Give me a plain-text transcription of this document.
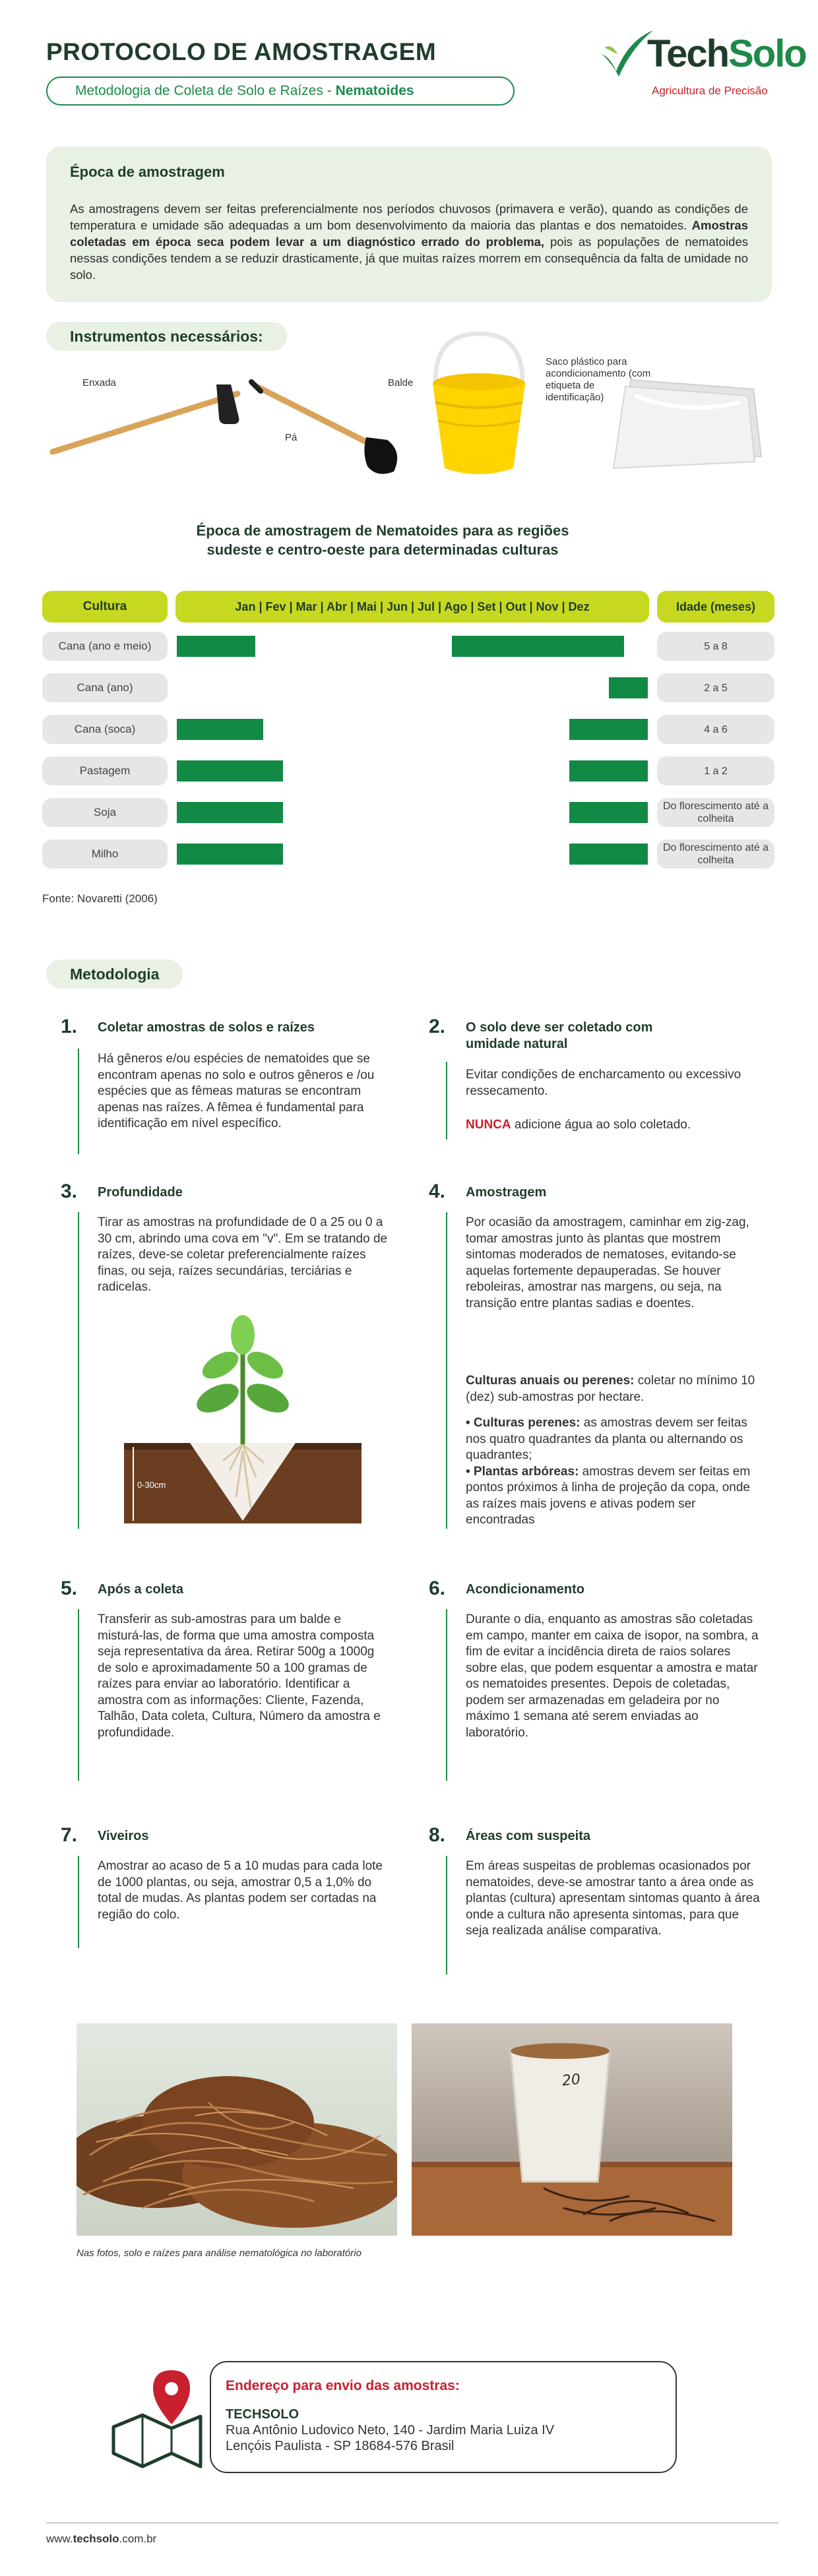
PROTOCOLO DE AMOSTRAGEM
Metodologia de Coleta de Solo e Raízes - Nematoides
TechSolo
Agricultura de Precisão
Época de amostragem

As amostragens devem ser feitas preferencialmente nos períodos chuvosos (primavera e verão), quando as condições de temperatura e umidade são adequadas a um bom desenvolvimento da maioria das plantas e dos nematoides. Amostras coletadas em época seca podem levar a um diagnóstico errado do problema, pois as populações de nematoides nessas condições tendem a se reduzir drasticamente, já que muitas raízes morrem em consequência da falta de umidade no solo.

Instrumentos necessários:
Enxada
Pá
Balde
Saco plástico para acondicionamento (com etiqueta de identificação)
Época de amostragem de Nematoides para as regiões
sudeste e centro-oeste para determinadas culturas
Cultura	Jan | Fev | Mar | Abr | Mai | Jun | Jul | Ago | Set | Out | Nov | Dez	Idade (meses)
Cana (ano e meio)	5 a 8
Cana (ano)	2 a 5
Cana (soca)	4 a 6
Pastagem	1 a 2
Soja	Do florescimento até a colheita
Milho	Do florescimento até a colheita
Fonte: Novaretti (2006)
Metodologia
1. Coletar amostras de solos e raízes
Há gêneros e/ou espécies de nematoides que se encontram apenas no solo e outros gêneros e /ou espécies que as fêmeas maturas se encontram apenas nas raízes. A fêmea é fundamental para identificação em nível específico.
2. O solo deve ser coletado com
umidade natural
Evitar condições de encharcamento ou excessivo ressecamento.
NUNCA adicione água ao solo coletado.
3. Profundidade
Tirar as amostras na profundidade de 0 a 25 ou 0 a 30 cm, abrindo uma cova em "v". Em se tratando de raízes, deve-se coletar preferencialmente raízes finas, ou seja, raízes secundárias, terciárias e radicelas.
0-30cm
4. Amostragem
Por ocasião da amostragem, caminhar em zig-zag, tomar amostras junto às plantas que mostrem sintomas moderados de nematoses, evitando-se aquelas fortemente depauperadas. Se houver reboleiras, amostrar nas margens, ou seja, na transição entre plantas sadias e doentes.
Culturas anuais ou perenes: coletar no mínimo 10 (dez) sub-amostras por hectare.
• Culturas perenes: as amostras devem ser feitas nos quatro quadrantes da planta ou alternando os quadrantes;
• Plantas arbóreas: amostras devem ser feitas em pontos próximos à linha de projeção da copa, onde as raízes mais jovens e ativas podem ser encontradas
5. Após a coleta
Transferir as sub-amostras para um balde e misturá-las, de forma que uma amostra composta seja representativa da área. Retirar 500g a 1000g de solo e aproximadamente 50 a 100 gramas de raízes para enviar ao laboratório. Identificar a amostra com as informações: Cliente, Fazenda, Talhão, Data coleta, Cultura, Número da amostra e profundidade.
6. Acondicionamento
Durante o dia, enquanto as amostras são coletadas em campo, manter em caixa de isopor, na sombra, a fim de evitar a incidência direta de raios solares sobre elas, que podem esquentar a amostra e matar os nematoides presentes. Depois de coletadas, podem ser armazenadas em geladeira por no máximo 1 semana até serem enviadas ao laboratório.
7. Viveiros
Amostrar ao acaso de 5 a 10 mudas para cada lote de 1000 plantas, ou seja, amostrar 0,5 a 1,0% do total de mudas. As plantas podem ser cortadas na região do colo.
8. Áreas com suspeita
Em áreas suspeitas de problemas ocasionados por nematoides, deve-se amostrar tanto a área onde as plantas (cultura) apresentam sintomas quanto à área onde a cultura não apresenta sintomas, para que seja realizada análise comparativa.
20
Nas fotos, solo e raízes para análise nematológica no laboratório
Endereço para envio das amostras:
TECHSOLO
Rua Antônio Ludovico Neto, 140 - Jardim Maria Luiza IV
Lençóis Paulista - SP 18684-576 Brasil
www.techsolo.com.br
